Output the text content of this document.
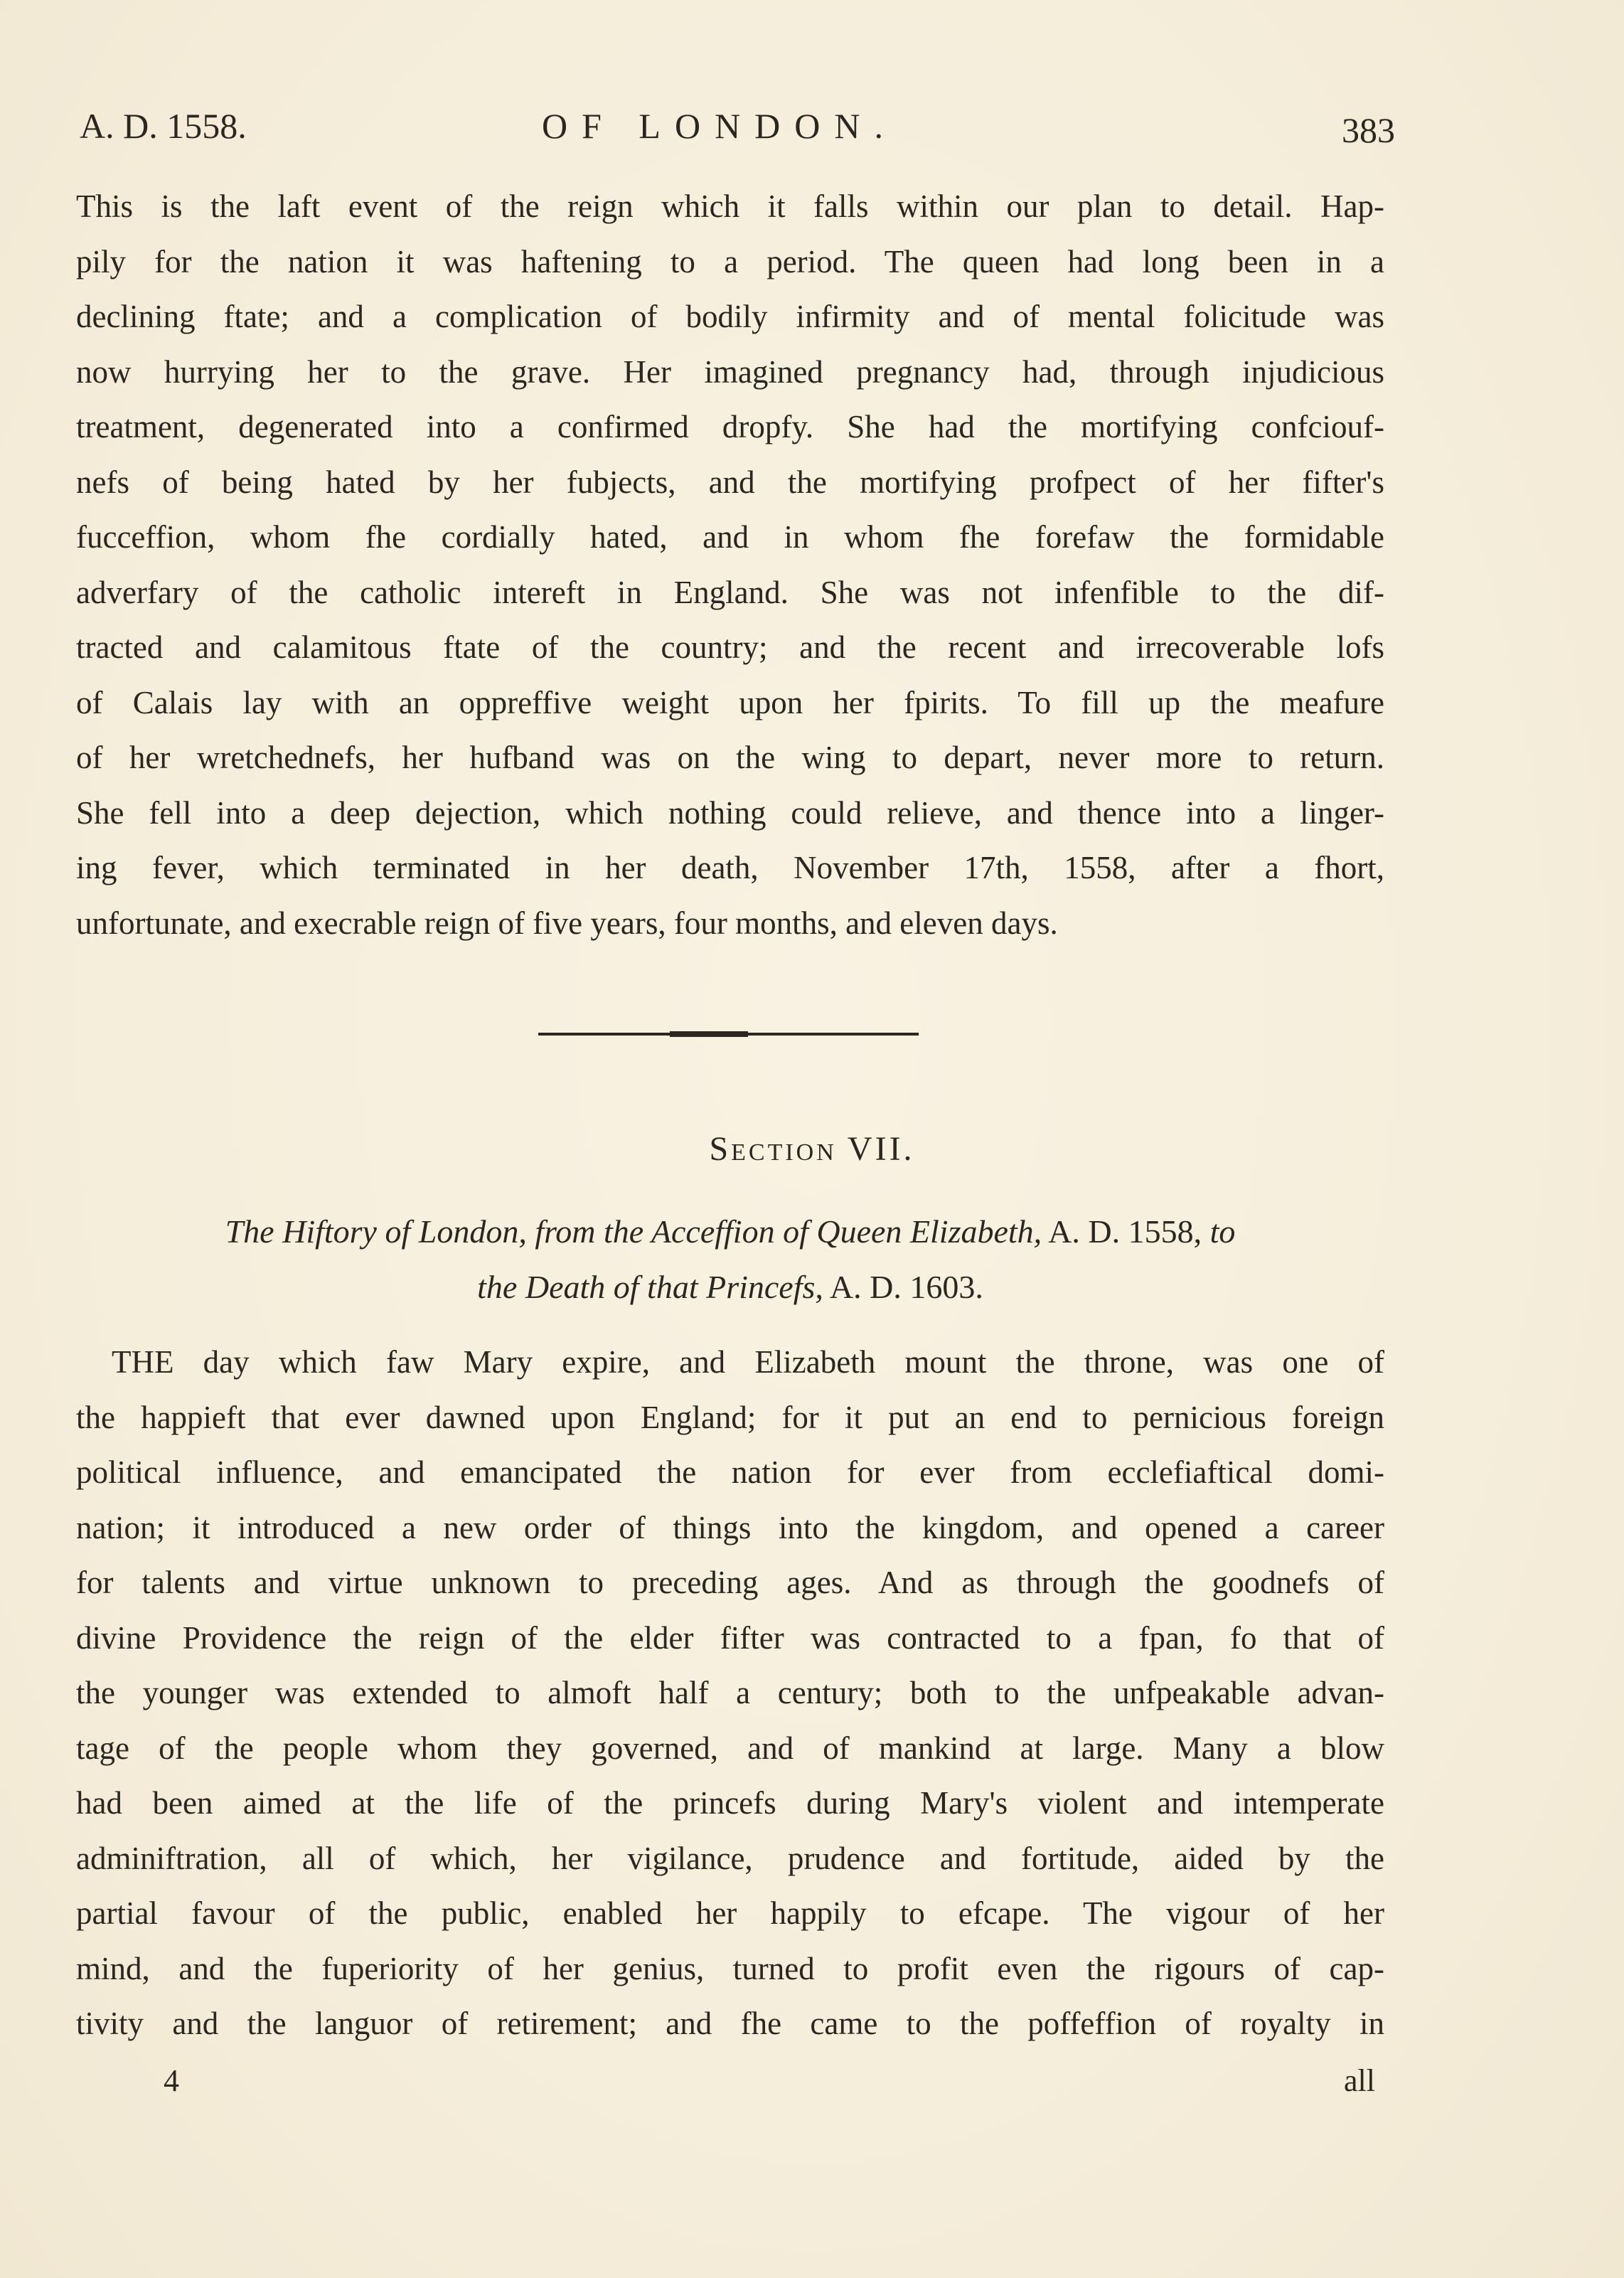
A. D. 1558.	OF LONDON.	383
This is the laft event of the reign which it falls within our plan to detail. Hap-
pily for the nation it was haftening to a period. The queen had long been in a
declining ftate; and a complication of bodily infirmity and of mental folicitude was
now hurrying her to the grave. Her imagined pregnancy had, through injudicious
treatment, degenerated into a confirmed dropfy. She had the mortifying confciouf-
nefs of being hated by her fubjects, and the mortifying profpect of her fifter's
fucceffion, whom fhe cordially hated, and in whom fhe forefaw the formidable
adverfary of the catholic intereft in England. She was not infenfible to the dif-
tracted and calamitous ftate of the country; and the recent and irrecoverable lofs
of Calais lay with an oppreffive weight upon her fpirits. To fill up the meafure
of her wretchednefs, her hufband was on the wing to depart, never more to return.
She fell into a deep dejection, which nothing could relieve, and thence into a linger-
ing fever, which terminated in her death, November 17th, 1558, after a fhort,
unfortunate, and execrable reign of five years, four months, and eleven days.
Section VII.
The Hiftory of London, from the Acceffion of Queen Elizabeth, A. D. 1558, to
the Death of that Princefs, A. D. 1603.
THE day which faw Mary expire, and Elizabeth mount the throne, was one of
the happieft that ever dawned upon England; for it put an end to pernicious foreign
political influence, and emancipated the nation for ever from ecclefiaftical domi-
nation; it introduced a new order of things into the kingdom, and opened a career
for talents and virtue unknown to preceding ages. And as through the goodnefs of
divine Providence the reign of the elder fifter was contracted to a fpan, fo that of
the younger was extended to almoft half a century; both to the unfpeakable advan-
tage of the people whom they governed, and of mankind at large. Many a blow
had been aimed at the life of the princefs during Mary's violent and intemperate
adminiftration, all of which, her vigilance, prudence and fortitude, aided by the
partial favour of the public, enabled her happily to efcape. The vigour of her
mind, and the fuperiority of her genius, turned to profit even the rigours of cap-
tivity and the languor of retirement; and fhe came to the poffeffion of royalty in
4	all
